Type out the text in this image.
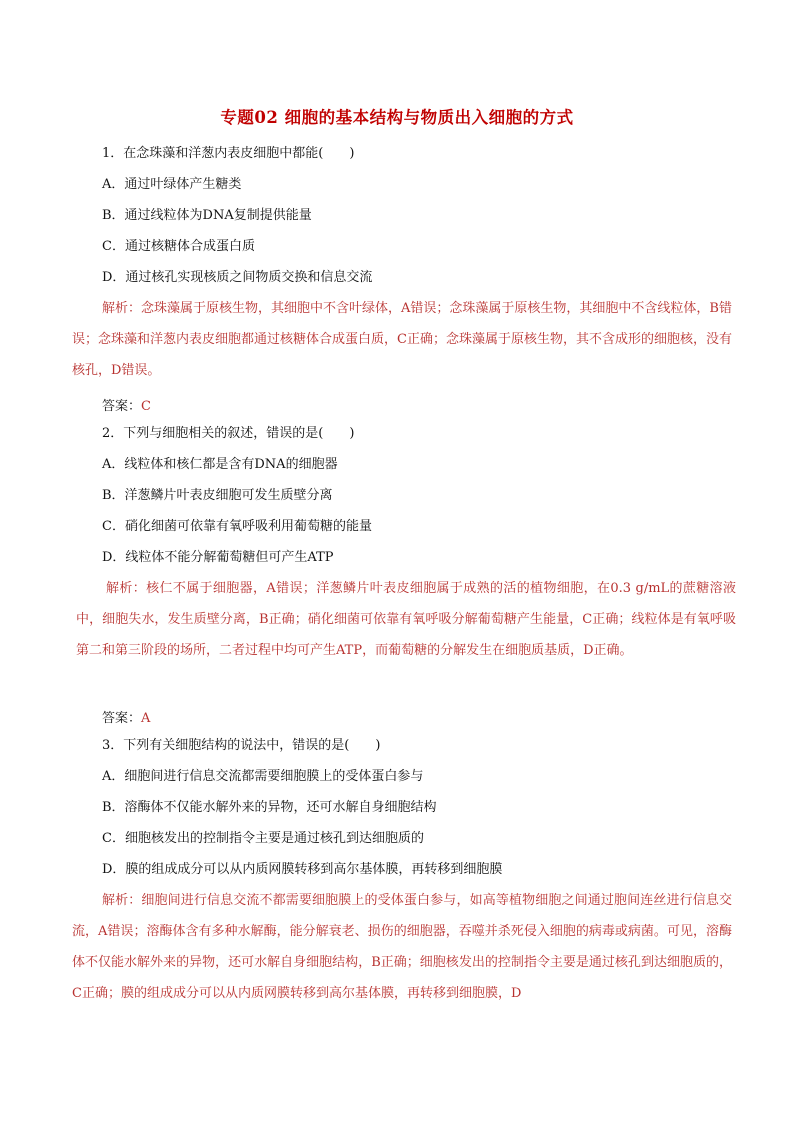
专题02 细胞的基本结构与物质出入细胞的方式
1．在念珠藻和洋葱内表皮细胞中都能(　　)
A．通过叶绿体产生糖类
B．通过线粒体为DNA复制提供能量
C．通过核糖体合成蛋白质
D．通过核孔实现核质之间物质交换和信息交流
解析：念珠藻属于原核生物，其细胞中不含叶绿体，A错误；念珠藻属于原核生物，其细胞中不含线粒体，B错误；念珠藻和洋葱内表皮细胞都通过核糖体合成蛋白质，C正确；念珠藻属于原核生物，其不含成形的细胞核，没有核孔，D错误。
答案：C
2．下列与细胞相关的叙述，错误的是(　　)
A．线粒体和核仁都是含有DNA的细胞器
B．洋葱鳞片叶表皮细胞可发生质壁分离
C．硝化细菌可依靠有氧呼吸利用葡萄糖的能量
D．线粒体不能分解葡萄糖但可产生ATP
解析：核仁不属于细胞器，A错误；洋葱鳞片叶表皮细胞属于成熟的活的植物细胞，在0.3 g/mL的蔗糖溶液中，细胞失水，发生质壁分离，B正确；硝化细菌可依靠有氧呼吸分解葡萄糖产生能量，C正确；线粒体是有氧呼吸第二和第三阶段的场所，二者过程中均可产生ATP，而葡萄糖的分解发生在细胞质基质，D正确。
答案：A
3．下列有关细胞结构的说法中，错误的是(　　)
A．细胞间进行信息交流都需要细胞膜上的受体蛋白参与
B．溶酶体不仅能水解外来的异物，还可水解自身细胞结构
C．细胞核发出的控制指令主要是通过核孔到达细胞质的
D．膜的组成成分可以从内质网膜转移到高尔基体膜，再转移到细胞膜
解析：细胞间进行信息交流不都需要细胞膜上的受体蛋白参与，如高等植物细胞之间通过胞间连丝进行信息交流，A错误；溶酶体含有多种水解酶，能分解衰老、损伤的细胞器，吞噬并杀死侵入细胞的病毒或病菌。可见，溶酶体不仅能水解外来的异物，还可水解自身细胞结构，B正确；细胞核发出的控制指令主要是通过核孔到达细胞质的，C正确；膜的组成成分可以从内质网膜转移到高尔基体膜，再转移到细胞膜，D
